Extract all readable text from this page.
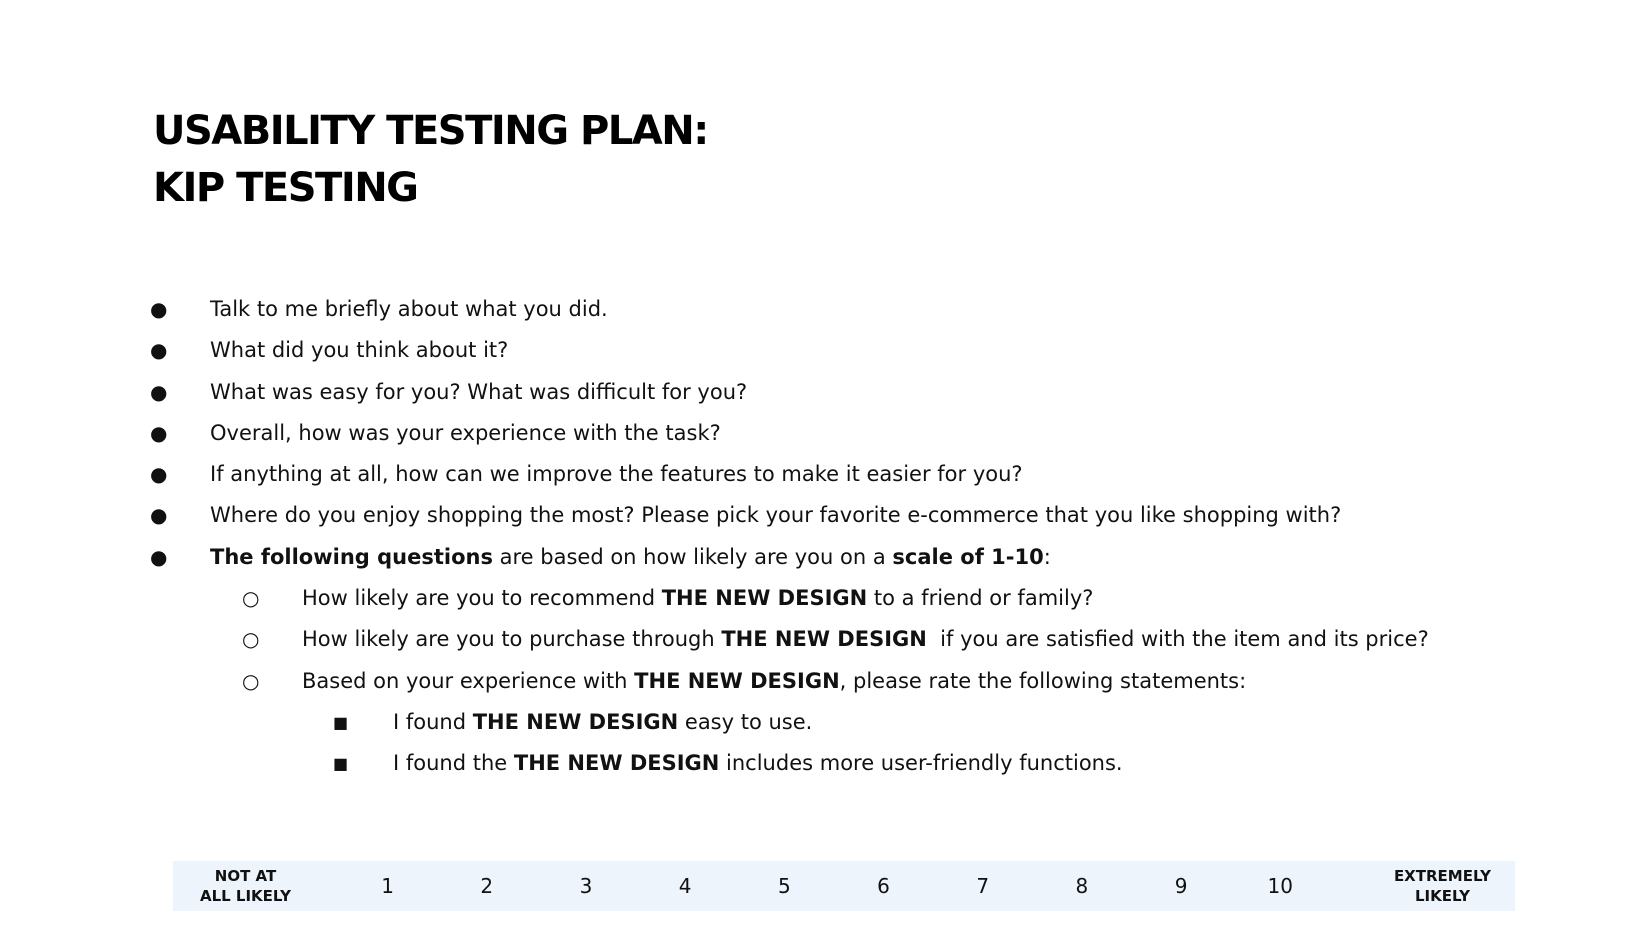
USABILITY TESTING PLAN:
KIP TESTING
● Talk to me briefly about what you did.
● What did you think about it?
● What was easy for you? What was difficult for you?
● Overall, how was your experience with the task?
● If anything at all, how can we improve the features to make it easier for you?
● Where do you enjoy shopping the most? Please pick your favorite e-commerce that you like shopping with?
● The following questions are based on how likely are you on a scale of 1-10:
○ How likely are you to recommend THE NEW DESIGN to a friend or family?
○ How likely are you to purchase through THE NEW DESIGN  if you are satisfied with the item and its price?
○ Based on your experience with THE NEW DESIGN, please rate the following statements:
■ I found THE NEW DESIGN easy to use.
■ I found the THE NEW DESIGN includes more user-friendly functions.
NOT AT
ALL LIKELY	1	2	3	4	5	6	7	8	9	10	EXTREMELY
LIKELY
